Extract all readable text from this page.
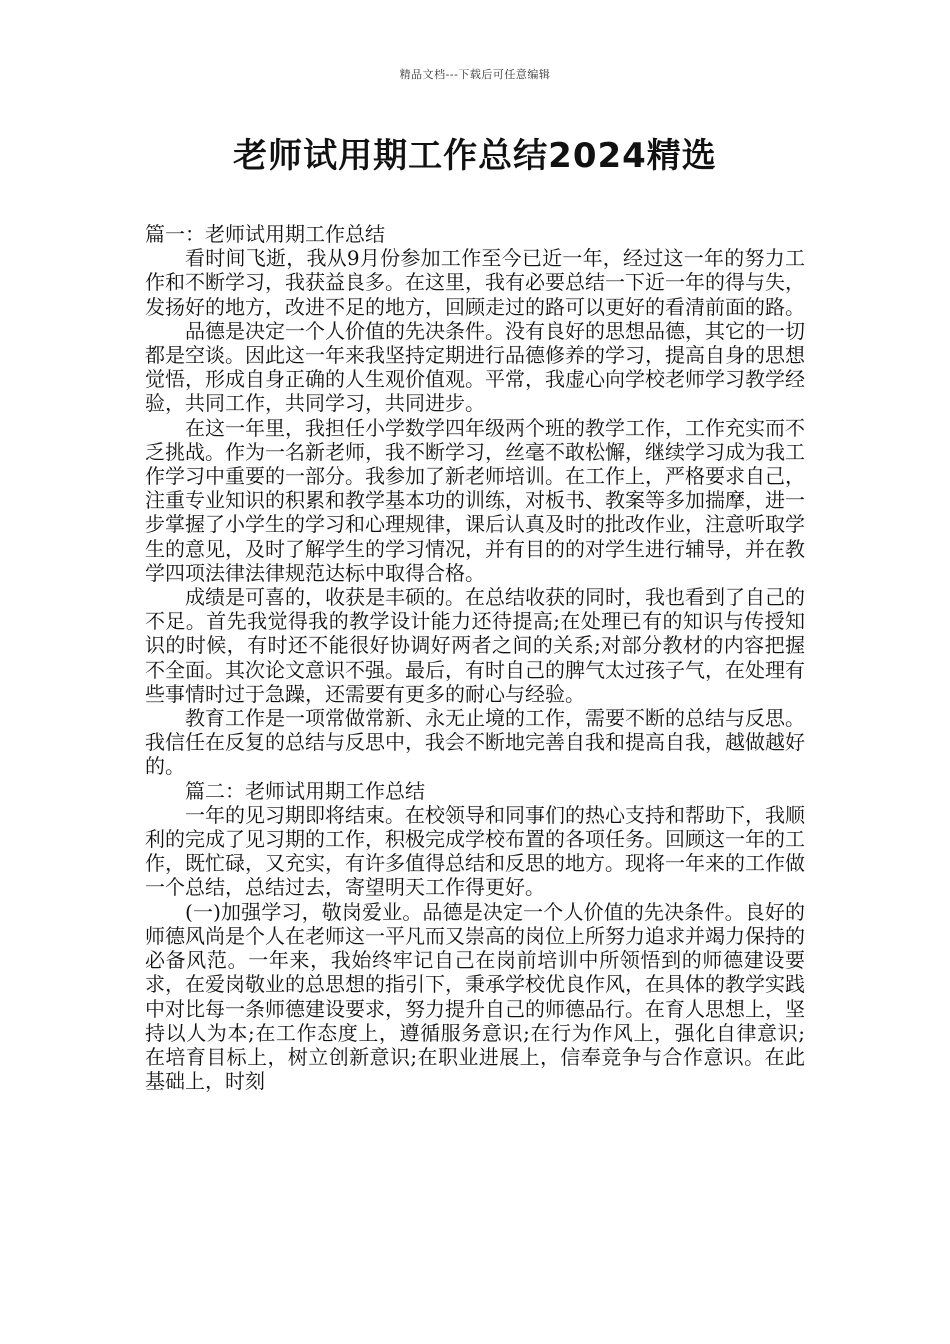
精品文档---下载后可任意编辑
老师试用期工作总结2024精选

篇一：老师试用期工作总结

看时间飞逝，我从9月份参加工作至今已近一年，经过这一年的努力工作和不断学习，我获益良多。在这里，我有必要总结一下近一年的得与失，发扬好的地方，改进不足的地方，回顾走过的路可以更好的看清前面的路。

品德是决定一个人价值的先决条件。没有良好的思想品德，其它的一切都是空谈。因此这一年来我坚持定期进行品德修养的学习，提高自身的思想觉悟，形成自身正确的人生观价值观。平常，我虚心向学校老师学习教学经验，共同工作，共同学习，共同进步。

在这一年里，我担任小学数学四年级两个班的教学工作，工作充实而不乏挑战。作为一名新老师，我不断学习，丝毫不敢松懈，继续学习成为我工作学习中重要的一部分。我参加了新老师培训。在工作上，严格要求自己，注重专业知识的积累和教学基本功的训练，对板书、教案等多加揣摩，进一步掌握了小学生的学习和心理规律，课后认真及时的批改作业，注意听取学生的意见，及时了解学生的学习情况，并有目的的对学生进行辅导，并在教学四项法律法律规范达标中取得合格。

成绩是可喜的，收获是丰硕的。在总结收获的同时，我也看到了自己的不足。首先我觉得我的教学设计能力还待提高;在处理已有的知识与传授知识的时候，有时还不能很好协调好两者之间的关系;对部分教材的内容把握不全面。其次论文意识不强。最后，有时自己的脾气太过孩子气，在处理有些事情时过于急躁，还需要有更多的耐心与经验。

教育工作是一项常做常新、永无止境的工作，需要不断的总结与反思。我信任在反复的总结与反思中，我会不断地完善自我和提高自我，越做越好的。

篇二：老师试用期工作总结

一年的见习期即将结束。在校领导和同事们的热心支持和帮助下，我顺利的完成了见习期的工作，积极完成学校布置的各项任务。回顾这一年的工作，既忙碌，又充实，有许多值得总结和反思的地方。现将一年来的工作做一个总结，总结过去，寄望明天工作得更好。

(一)加强学习，敬岗爱业。品德是决定一个人价值的先决条件。良好的师德风尚是个人在老师这一平凡而又崇高的岗位上所努力追求并竭力保持的必备风范。一年来，我始终牢记自己在岗前培训中所领悟到的师德建设要求，在爱岗敬业的总思想的指引下，秉承学校优良作风，在具体的教学实践中对比每一条师德建设要求，努力提升自己的师德品行。在育人思想上，坚持以人为本;在工作态度上，遵循服务意识;在行为作风上，强化自律意识;在培育目标上，树立创新意识;在职业进展上，信奉竞争与合作意识。在此基础上，时刻
